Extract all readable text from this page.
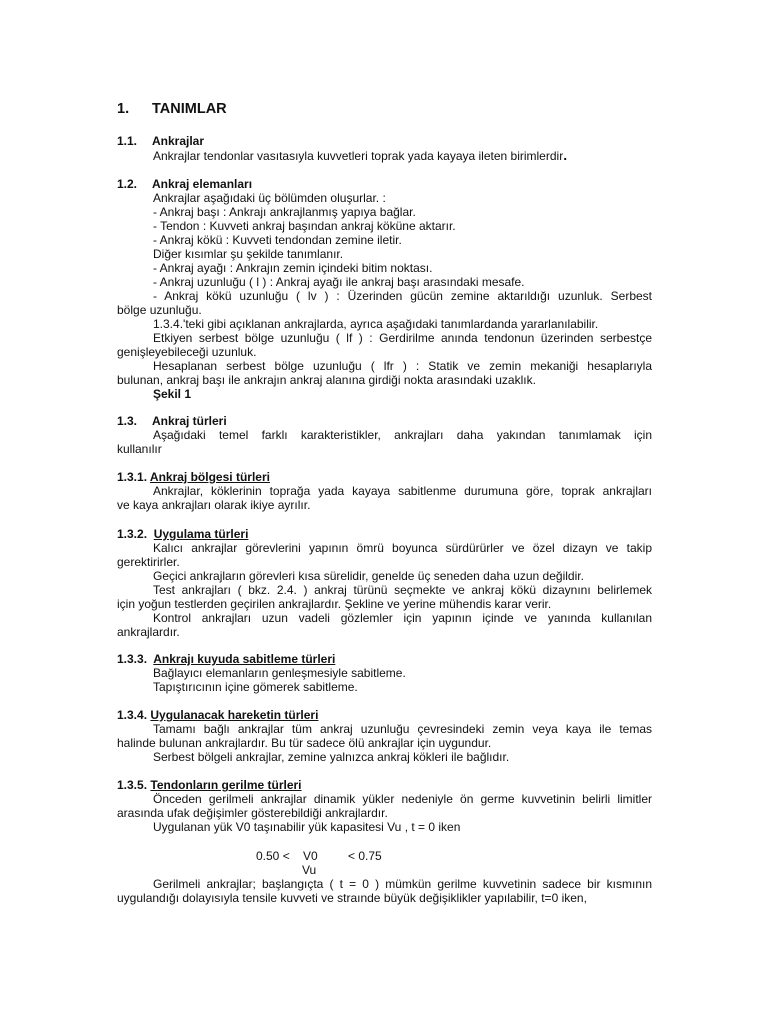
1. TANIMLAR
1.1. Ankrajlar
Ankrajlar tendonlar vasıtasıyla kuvvetleri toprak yada kayaya ileten birimlerdir.
1.2. Ankraj elemanları
Ankrajlar aşağıdaki üç bölümden oluşurlar. :
- Ankraj başı : Ankrajı ankrajlanmış yapıya bağlar.
- Tendon : Kuvveti ankraj başından ankraj köküne aktarır.
- Ankraj kökü : Kuvveti tendondan zemine iletir.
Diğer kısımlar şu şekilde tanımlanır.
- Ankraj ayağı : Ankrajın zemin içindeki bitim noktası.
- Ankraj uzunluğu ( l ) : Ankraj ayağı ile ankraj başı arasındaki mesafe.
- Ankraj kökü uzunluğu ( lv ) : Üzerinden gücün zemine aktarıldığı uzunluk. Serbest
bölge uzunluğu.
1.3.4.'teki gibi açıklanan ankrajlarda, ayrıca aşağıdaki tanımlardanda yararlanılabilir.
Etkiyen serbest bölge uzunluğu ( lf ) : Gerdirilme anında tendonun üzerinden serbestçe
genişleyebileceği uzunluk.
Hesaplanan serbest bölge uzunluğu ( lfr ) : Statik ve zemin mekaniği hesaplarıyla
bulunan, ankraj başı ile ankrajın ankraj alanına girdiği nokta arasındaki uzaklık.
Şekil 1
1.3. Ankraj türleri
Aşağıdaki temel farklı karakteristikler, ankrajları daha yakından tanımlamak için
kullanılır
1.3.1. Ankraj bölgesi türleri
Ankrajlar, köklerinin toprağa yada kayaya sabitlenme durumuna göre, toprak ankrajları
ve kaya ankrajları olarak ikiye ayrılır.
1.3.2. Uygulama türleri
Kalıcı ankrajlar görevlerini yapının ömrü boyunca sürdürürler ve özel dizayn ve takip
gerektirirler.
Geçici ankrajların görevleri kısa sürelidir, genelde üç seneden daha uzun değildir.
Test ankrajları ( bkz. 2.4. ) ankraj türünü seçmekte ve ankraj kökü dizaynını belirlemek
için yoğun testlerden geçirilen ankrajlardır. Şekline ve yerine mühendis karar verir.
Kontrol ankrajları uzun vadeli gözlemler için yapının içinde ve yanında kullanılan
ankrajlardır.
1.3.3. Ankrajı kuyuda sabitleme türleri
Bağlayıcı elemanların genleşmesiyle sabitleme.
Tapıştırıcının içine gömerek sabitleme.
1.3.4. Uygulanacak hareketin türleri
Tamamı bağlı ankrajlar tüm ankraj uzunluğu çevresindeki zemin veya kaya ile temas
halinde bulunan ankrajlardır. Bu tür sadece ölü ankrajlar için uygundur.
Serbest bölgeli ankrajlar, zemine yalnızca ankraj kökleri ile bağlıdır.
1.3.5. Tendonların gerilme türleri
Önceden gerilmeli ankrajlar dinamik yükler nedeniyle ön germe kuvvetinin belirli limitler
arasında ufak değişimler gösterebildiği ankrajlardır.
Uygulanan yük V0 taşınabilir yük kapasitesi Vu , t = 0 iken
0.50 < V0	< 0.75
Vu
Gerilmeli ankrajlar; başlangıçta ( t = 0 ) mümkün gerilme kuvvetinin sadece bir kısmının
uygulandığı dolayısıyla tensile kuvveti ve straınde büyük değişiklikler yapılabilir, t=0 iken,
